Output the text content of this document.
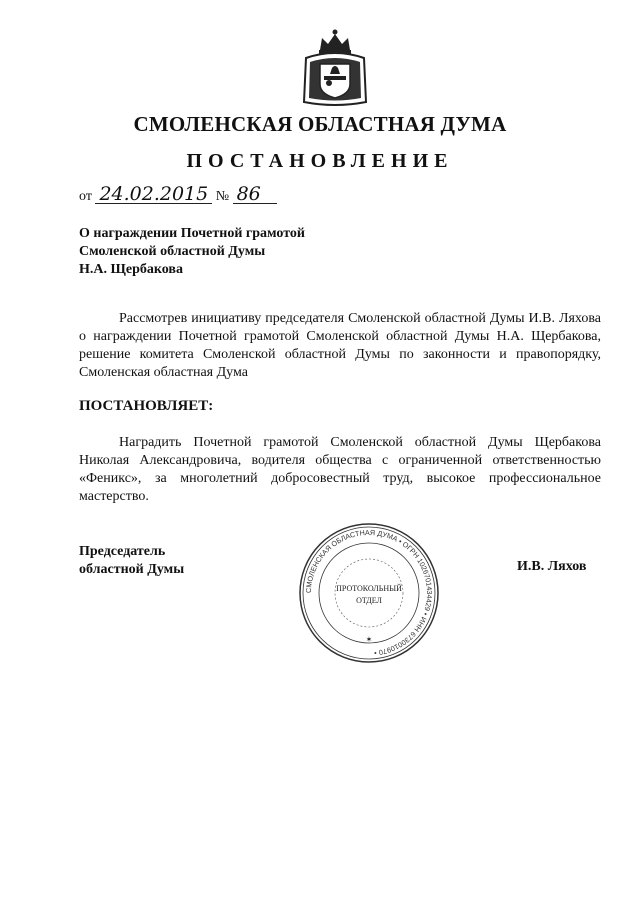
СМОЛЕНСКАЯ ОБЛАСТНАЯ ДУМА
ПОСТАНОВЛЕНИЕ
от 24.02.2015 № 86
О награждении Почетной грамотой
Смоленской областной Думы
Н.А. Щербакова
Рассмотрев инициативу председателя Смоленской областной Думы И.В. Ляхова о награждении Почетной грамотой Смоленской областной Думы Н.А. Щербакова, решение комитета Смоленской областной Думы по законности и правопорядку, Смоленская областная Дума
ПОСТАНОВЛЯЕТ:
Наградить Почетной грамотой Смоленской областной Думы Щербакова Николая Александровича, водителя общества с ограниченной ответственностью «Феникс», за многолетний добросовестный труд, высокое профессиональное мастерство.
Председатель
областной Думы
СМОЛЕНСКАЯ ОБЛАСТНАЯ ДУМА • ОГРН 1026701434429 • ИНН 6730010970 •
ПРОТОКОЛЬНЫЙ
ОТДЕЛ
✶
И.В. Ляхов
